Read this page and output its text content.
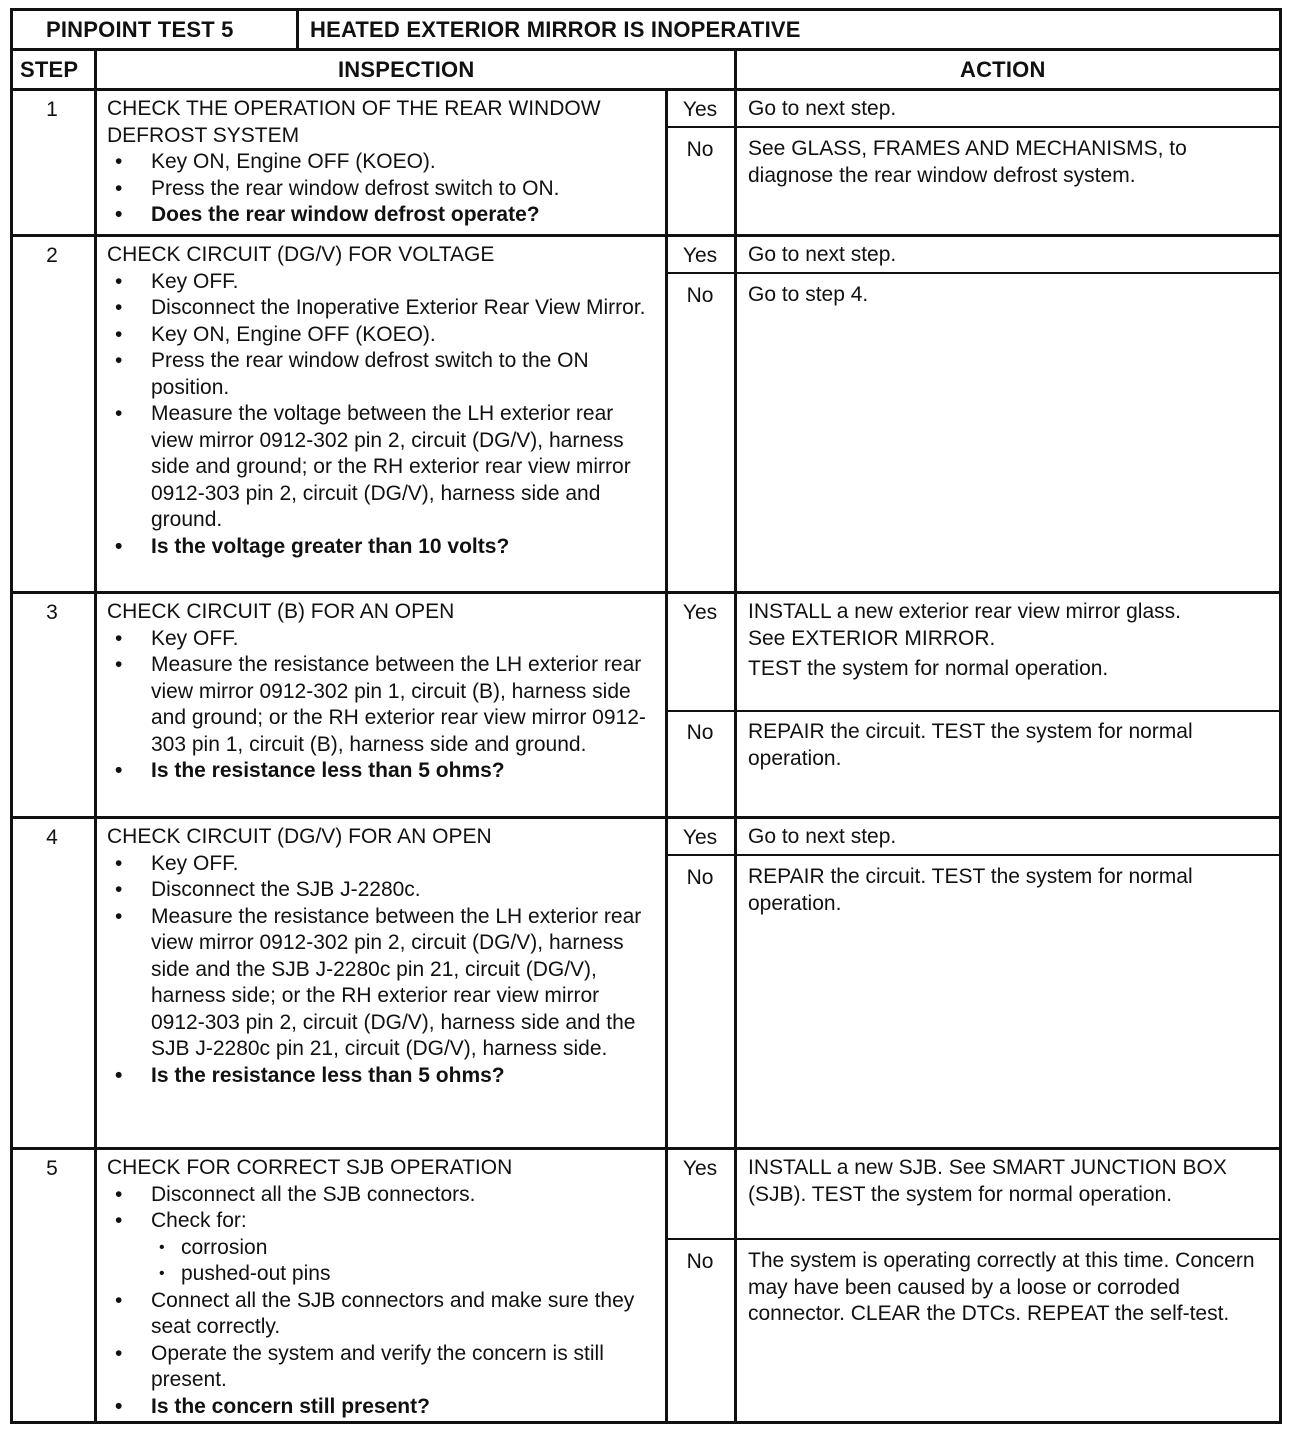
PINPOINT TEST 5	HEATED EXTERIOR MIRROR IS INOPERATIVE
STEP	INSPECTION	ACTION
1	CHECK THE OPERATION OF THE REAR WINDOW DEFROST SYSTEM
• Key ON, Engine OFF (KOEO).
• Press the rear window defrost switch to ON.
• Does the rear window defrost operate?
Yes	Go to next step.
No	See GLASS, FRAMES AND MECHANISMS, to diagnose the rear window defrost system.
2	CHECK CIRCUIT (DG/V) FOR VOLTAGE
• Key OFF.
• Disconnect the Inoperative Exterior Rear View Mirror.
• Key ON, Engine OFF (KOEO).
• Press the rear window defrost switch to the ON position.
• Measure the voltage between the LH exterior rear view mirror 0912-302 pin 2, circuit (DG/V), harness side and ground; or the RH exterior rear view mirror 0912-303 pin 2, circuit (DG/V), harness side and ground.
• Is the voltage greater than 10 volts?
Yes	Go to next step.
No	Go to step 4.
3	CHECK CIRCUIT (B) FOR AN OPEN
• Key OFF.
• Measure the resistance between the LH exterior rear view mirror 0912-302 pin 1, circuit (B), harness side and ground; or the RH exterior rear view mirror 0912-303 pin 1, circuit (B), harness side and ground.
• Is the resistance less than 5 ohms?
Yes	INSTALL a new exterior rear view mirror glass. See EXTERIOR MIRROR.
TEST the system for normal operation.
No	REPAIR the circuit. TEST the system for normal operation.
4	CHECK CIRCUIT (DG/V) FOR AN OPEN
• Key OFF.
• Disconnect the SJB J-2280c.
• Measure the resistance between the LH exterior rear view mirror 0912-302 pin 2, circuit (DG/V), harness side and the SJB J-2280c pin 21, circuit (DG/V), harness side; or the RH exterior rear view mirror 0912-303 pin 2, circuit (DG/V), harness side and the SJB J-2280c pin 21, circuit (DG/V), harness side.
• Is the resistance less than 5 ohms?
Yes	Go to next step.
No	REPAIR the circuit. TEST the system for normal operation.
5	CHECK FOR CORRECT SJB OPERATION
• Disconnect all the SJB connectors.
• Check for:
• corrosion
• pushed-out pins
• Connect all the SJB connectors and make sure they seat correctly.
• Operate the system and verify the concern is still present.
• Is the concern still present?
Yes	INSTALL a new SJB. See SMART JUNCTION BOX (SJB). TEST the system for normal operation.
No	The system is operating correctly at this time. Concern may have been caused by a loose or corroded connector. CLEAR the DTCs. REPEAT the self-test.
